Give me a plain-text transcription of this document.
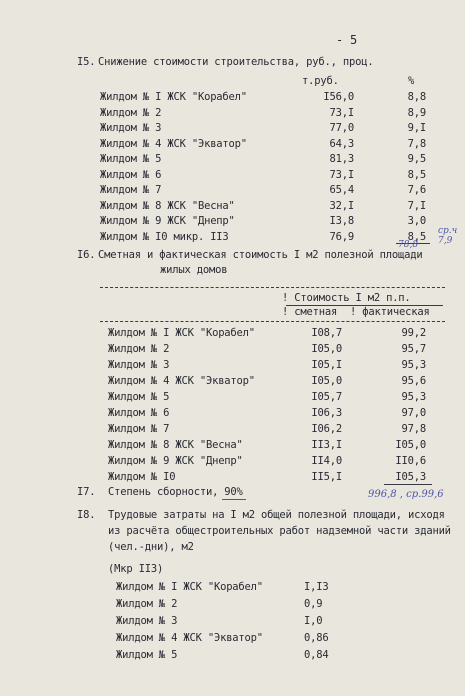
- 5
I5. Снижение стоимости строительства, руб., проц.
т.руб.	%
Жилдом № I ЖСК "Корабел"	I56,0	8,8
Жилдом № 2	73,I	8,9
Жилдом № 3	77,0	9,I
Жилдом № 4 ЖСК "Экватор"	64,3	7,8
Жилдом № 5	81,3	9,5
Жилдом № 6	73,I	8,5
Жилдом № 7	65,4	7,6
Жилдом № 8 ЖСК "Весна"	32,I	7,I
Жилдом № 9 ЖСК "Днепр"	I3,8	3,0
Жилдом № I0 микр. II3	76,9	8,5
78,8
ср.ч
7,9
I6. Сметная и фактическая стоимость I м2 полезной площади
жилых домов
! Стоимость I м2 п.п.
! сметная ! фактическая
Жилдом № I ЖСК "Корабел"	I08,7	99,2
Жилдом № 2	I05,0	95,7
Жилдом № 3	I05,I	95,3
Жилдом № 4 ЖСК "Экватор"	I05,0	95,6
Жилдом № 5	I05,7	95,3
Жилдом № 6	I06,3	97,0
Жилдом № 7	I06,2	97,8
Жилдом № 8 ЖСК "Весна"	II3,I	I05,0
Жилдом № 9 ЖСК "Днепр"	II4,0	II0,6
Жилдом № I0	II5,I	I05,3
I7. Степень сборности, 90%	996,8 , ср.99,6
I8. Трудовые затраты на I м2 общей полезной площади, исходя
из расчёта общестроительных работ надземной части зданий
(чел.-дни), м2
(Мкр II3)
Жилдом № I ЖСК "Корабел"	I,I3
Жилдом № 2	0,9
Жилдом № 3	I,0
Жилдом № 4 ЖСК "Экватор"	0,86
Жилдом № 5	0,84
